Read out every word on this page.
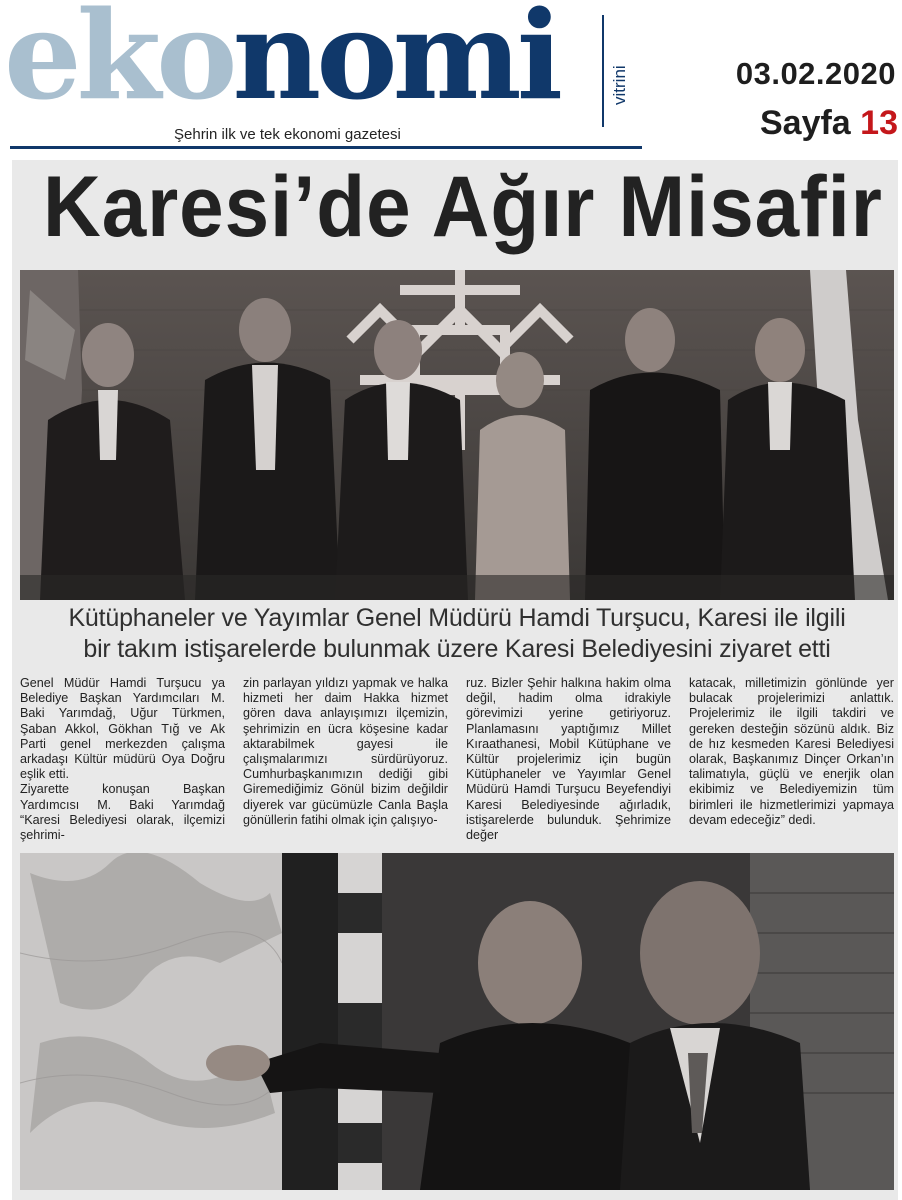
ekonomi	vitrini
Şehrin ilk ve tek ekonomi gazetesi
03.02.2020
Sayfa 13
Karesi’de Ağır Misafir
Kütüphaneler ve Yayımlar Genel Müdürü Hamdi Turşucu, Karesi ile ilgili
bir takım istişarelerde bulunmak üzere Karesi Belediyesini ziyaret etti

Genel Müdür Hamdi Turşucu ya Belediye Başkan Yardımcıları M. Baki Yarımdağ, Uğur Türkmen, Şaban Akkol, Gökhan Tığ ve Ak Parti genel merkezden çalışma arkadaşı Kültür müdürü Oya Doğru eşlik etti.

Ziyarette konuşan Başkan Yardımcısı M. Baki Yarımdağ “Karesi Belediyesi olarak, ilçemizi şehrimi-

zin parlayan yıldızı yapmak ve halka hizmeti her daim Hakka hizmet gören dava anlayışımızı ilçemizin, şehrimizin en ücra köşesine kadar aktarabilmek gayesi ile çalışmalarımızı sürdürüyoruz. Cumhurbaşkanımızın dediği gibi Giremediğimiz Gönül bizim değildir diyerek var gücümüzle Canla Başla gönüllerin fatihi olmak için çalışıyo-

ruz. Bizler Şehir halkına hakim olma değil, hadim olma idrakiyle görevimizi yerine getiriyoruz. Planlamasını yaptığımız Millet Kıraathanesi, Mobil Kütüphane ve Kültür projelerimiz için bugün Kütüphaneler ve Yayımlar Genel Müdürü Hamdi Turşucu Beyefendiyi Karesi Belediyesinde ağırladık, istişarelerde bulunduk. Şehrimize değer

katacak, milletimizin gönlünde yer bulacak projelerimizi anlattık. Projelerimiz ile ilgili takdiri ve gereken desteğin sözünü aldık. Biz de hız kesmeden Karesi Belediyesi olarak, Başkanımız Dinçer Orkan’ın talimatıyla, güçlü ve enerjik olan ekibimiz ve Belediyemizin tüm birimleri ile hizmetlerimizi yapmaya devam edeceğiz” dedi.
